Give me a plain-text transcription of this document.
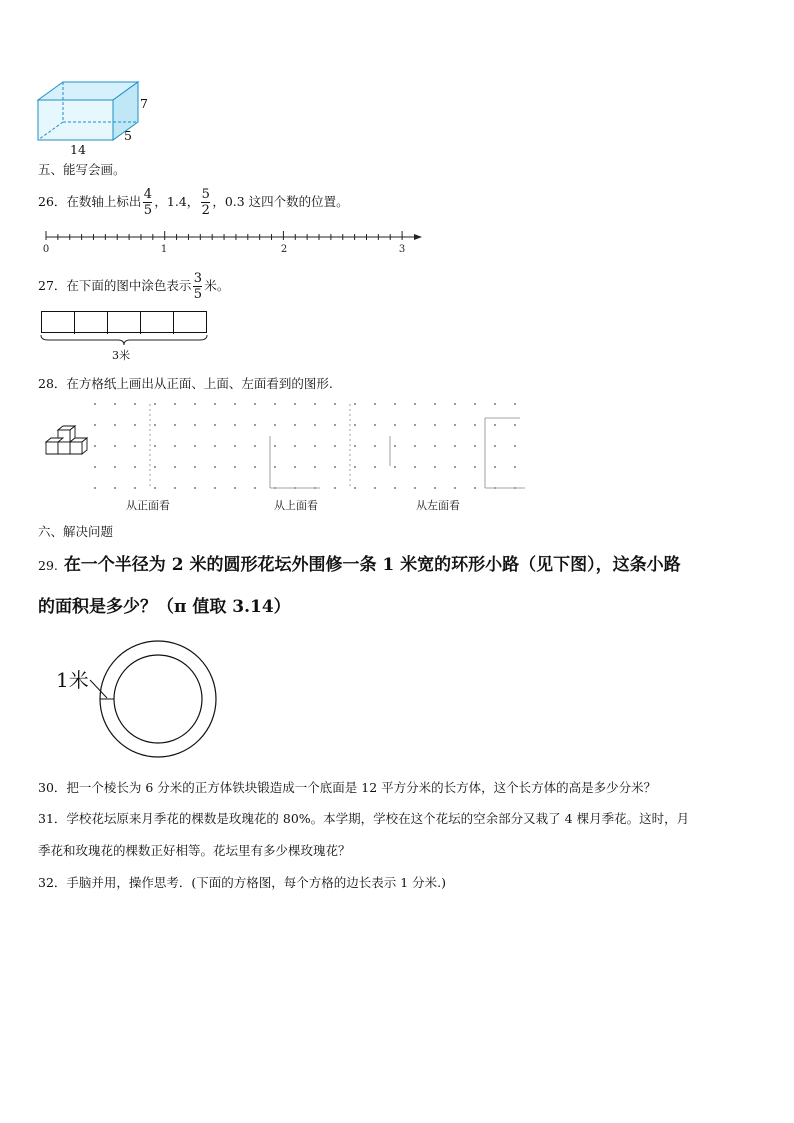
7
5
14
五、能写会画。
26． 在数轴上标出 $\frac{4}{5}$ ，1.4， $\frac{5}{2}$ ，0.3 这四个数的位置。
0	1	2	3
27． 在下面的图中涂色表示 $\frac{3}{5}$ 米。
3米
28．在方格纸上画出从正面、上面、左面看到的图形.
从正面看	从上面看	从左面看
六、解决问题
29. 在一个半径为 2 米的圆形花坛外围修一条 1 米宽的环形小路（见下图），这条小路
的面积是多少？（π 值取 3.14）
1米
30．把一个棱长为 6 分米的正方体铁块锻造成一个底面是 12 平方分米的长方体，这个长方体的高是多少分米？
31．学校花坛原来月季花的棵数是玫瑰花的 80%。本学期，学校在这个花坛的空余部分又栽了 4 棵月季花。这时，月
季花和玫瑰花的棵数正好相等。花坛里有多少棵玫瑰花？
32．手脑并用，操作思考．(下面的方格图，每个方格的边长表示 1 分米.)
